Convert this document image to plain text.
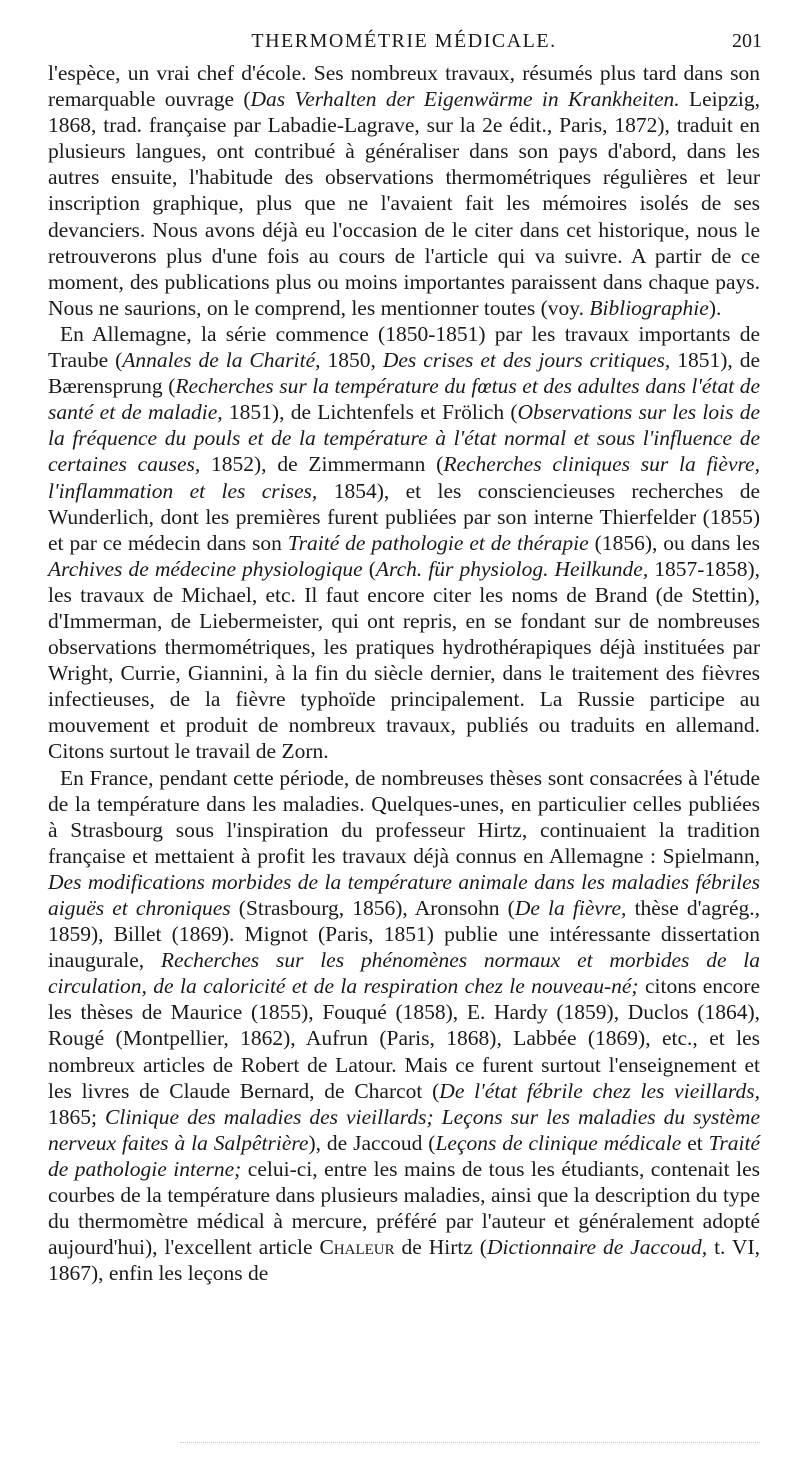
THERMOMÉTRIE MÉDICALE.	201

l'espèce, un vrai chef d'école. Ses nombreux travaux, résumés plus tard dans son remarquable ouvrage (Das Verhalten der Eigenwärme in Krankheiten. Leipzig, 1868, trad. française par Labadie-Lagrave, sur la 2e édit., Paris, 1872), traduit en plusieurs langues, ont contribué à généraliser dans son pays d'abord, dans les autres ensuite, l'habitude des observations thermométriques régulières et leur inscription graphique, plus que ne l'avaient fait les mémoires isolés de ses devanciers. Nous avons déjà eu l'occasion de le citer dans cet historique, nous le retrouverons plus d'une fois au cours de l'article qui va suivre. A partir de ce moment, des publications plus ou moins importantes paraissent dans chaque pays. Nous ne saurions, on le comprend, les mentionner toutes (voy. Bibliographie).

En Allemagne, la série commence (1850-1851) par les travaux importants de Traube (Annales de la Charité, 1850, Des crises et des jours critiques, 1851), de Bærensprung (Recherches sur la température du fœtus et des adultes dans l'état de santé et de maladie, 1851), de Lichtenfels et Frölich (Observations sur les lois de la fréquence du pouls et de la température à l'état normal et sous l'influence de certaines causes, 1852), de Zimmermann (Recherches cliniques sur la fièvre, l'inflammation et les crises, 1854), et les consciencieuses recherches de Wunderlich, dont les premières furent publiées par son interne Thierfelder (1855) et par ce médecin dans son Traité de pathologie et de thérapie (1856), ou dans les Archives de médecine physiologique (Arch. für physiolog. Heilkunde, 1857-1858), les travaux de Michael, etc. Il faut encore citer les noms de Brand (de Stettin), d'Immerman, de Liebermeister, qui ont repris, en se fondant sur de nombreuses observations thermométriques, les pratiques hydrothérapiques déjà instituées par Wright, Currie, Giannini, à la fin du siècle dernier, dans le traitement des fièvres infectieuses, de la fièvre typhoïde principalement. La Russie participe au mouvement et produit de nombreux travaux, publiés ou traduits en allemand. Citons surtout le travail de Zorn.

En France, pendant cette période, de nombreuses thèses sont consacrées à l'étude de la température dans les maladies. Quelques-unes, en particulier celles publiées à Strasbourg sous l'inspiration du professeur Hirtz, continuaient la tradition française et mettaient à profit les travaux déjà connus en Allemagne : Spielmann, Des modifications morbides de la température animale dans les maladies fébriles aiguës et chroniques (Strasbourg, 1856), Aronsohn (De la fièvre, thèse d'agrég., 1859), Billet (1869). Mignot (Paris, 1851) publie une intéressante dissertation inaugurale, Recherches sur les phénomènes normaux et morbides de la circulation, de la caloricité et de la respiration chez le nouveau-né; citons encore les thèses de Maurice (1855), Fouqué (1858), E. Hardy (1859), Duclos (1864), Rougé (Montpellier, 1862), Aufrun (Paris, 1868), Labbée (1869), etc., et les nombreux articles de Robert de Latour. Mais ce furent surtout l'enseignement et les livres de Claude Bernard, de Charcot (De l'état fébrile chez les vieillards, 1865; Clinique des maladies des vieillards; Leçons sur les maladies du système nerveux faites à la Salpêtrière), de Jaccoud (Leçons de clinique médicale et Traité de pathologie interne; celui-ci, entre les mains de tous les étudiants, contenait les courbes de la température dans plusieurs maladies, ainsi que la description du type du thermomètre médical à mercure, préféré par l'auteur et généralement adopté aujourd'hui), l'excellent article Chaleur de Hirtz (Dictionnaire de Jaccoud, t. VI, 1867), enfin les leçons de
